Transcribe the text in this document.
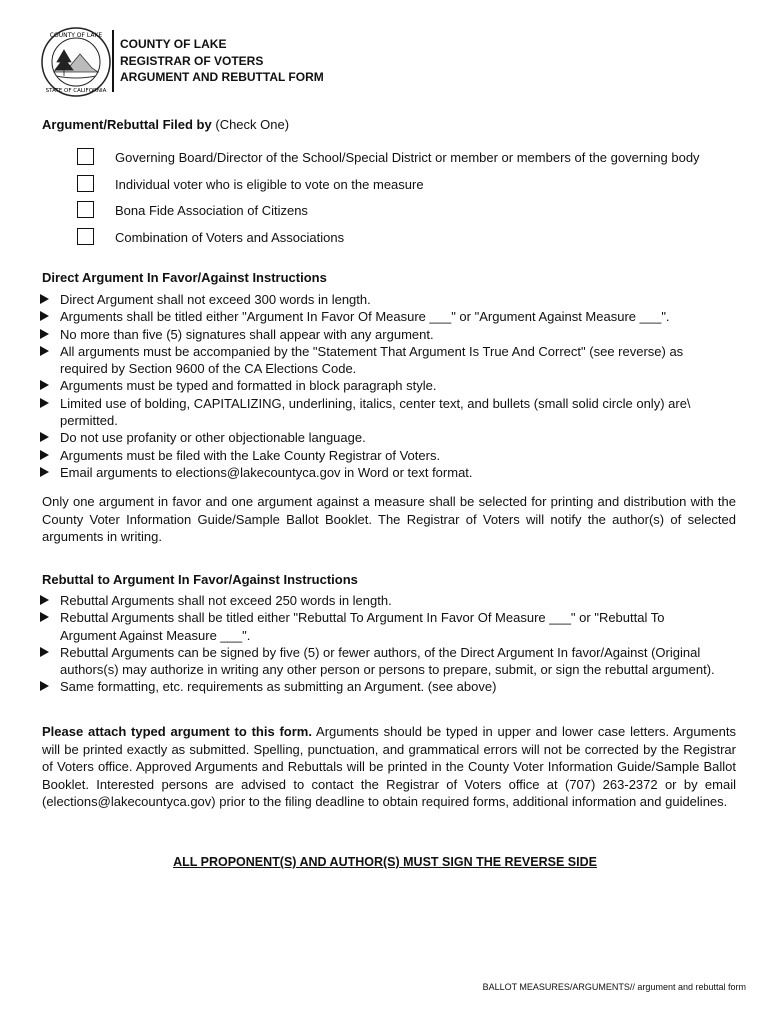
COUNTY OF LAKE
STATE OF CALIFORNIA
COUNTY OF LAKE
REGISTRAR OF VOTERS
ARGUMENT AND REBUTTAL FORM
Argument/Rebuttal Filed by (Check One)
Governing Board/Director of the School/Special District or member or members of the governing body
Individual voter who is eligible to vote on the measure
Bona Fide Association of Citizens
Combination of Voters and Associations
Direct Argument In Favor/Against Instructions
Direct Argument shall not exceed 300 words in length.
Arguments shall be titled either "Argument In Favor Of Measure ___" or "Argument Against Measure ___".
No more than five (5) signatures shall appear with any argument.
All arguments must be accompanied by the "Statement That Argument Is True And Correct" (see reverse) as required by Section 9600 of the CA Elections Code.
Arguments must be typed and formatted in block paragraph style.
Limited use of bolding, CAPITALIZING, underlining, italics, center text, and bullets (small solid circle only) are\ permitted.
Do not use profanity or other objectionable language.
Arguments must be filed with the Lake County Registrar of Voters.
Email arguments to elections@lakecountyca.gov in Word or text format.
Only one argument in favor and one argument against a measure shall be selected for printing and distribution with the County Voter Information Guide/Sample Ballot Booklet. The Registrar of Voters will notify the author(s) of selected arguments in writing.
Rebuttal to Argument In Favor/Against Instructions
Rebuttal Arguments shall not exceed 250 words in length.
Rebuttal Arguments shall be titled either "Rebuttal To Argument In Favor Of Measure ___" or "Rebuttal To Argument Against Measure ___".
Rebuttal Arguments can be signed by five (5) or fewer authors, of the Direct Argument In favor/Against (Original authors(s) may authorize in writing any other person or persons to prepare, submit, or sign the rebuttal argument).
Same formatting, etc. requirements as submitting an Argument. (see above)
Please attach typed argument to this form. Arguments should be typed in upper and lower case letters. Arguments will be printed exactly as submitted. Spelling, punctuation, and grammatical errors will not be corrected by the Registrar of Voters office. Approved Arguments and Rebuttals will be printed in the County Voter Information Guide/Sample Ballot Booklet. Interested persons are advised to contact the Registrar of Voters office at (707) 263-2372 or by email (elections@lakecountyca.gov) prior to the filing deadline to obtain required forms, additional information and guidelines.
ALL PROPONENT(S) AND AUTHOR(S) MUST SIGN THE REVERSE SIDE
BALLOT MEASURES/ARGUMENTS// argument and rebuttal form
